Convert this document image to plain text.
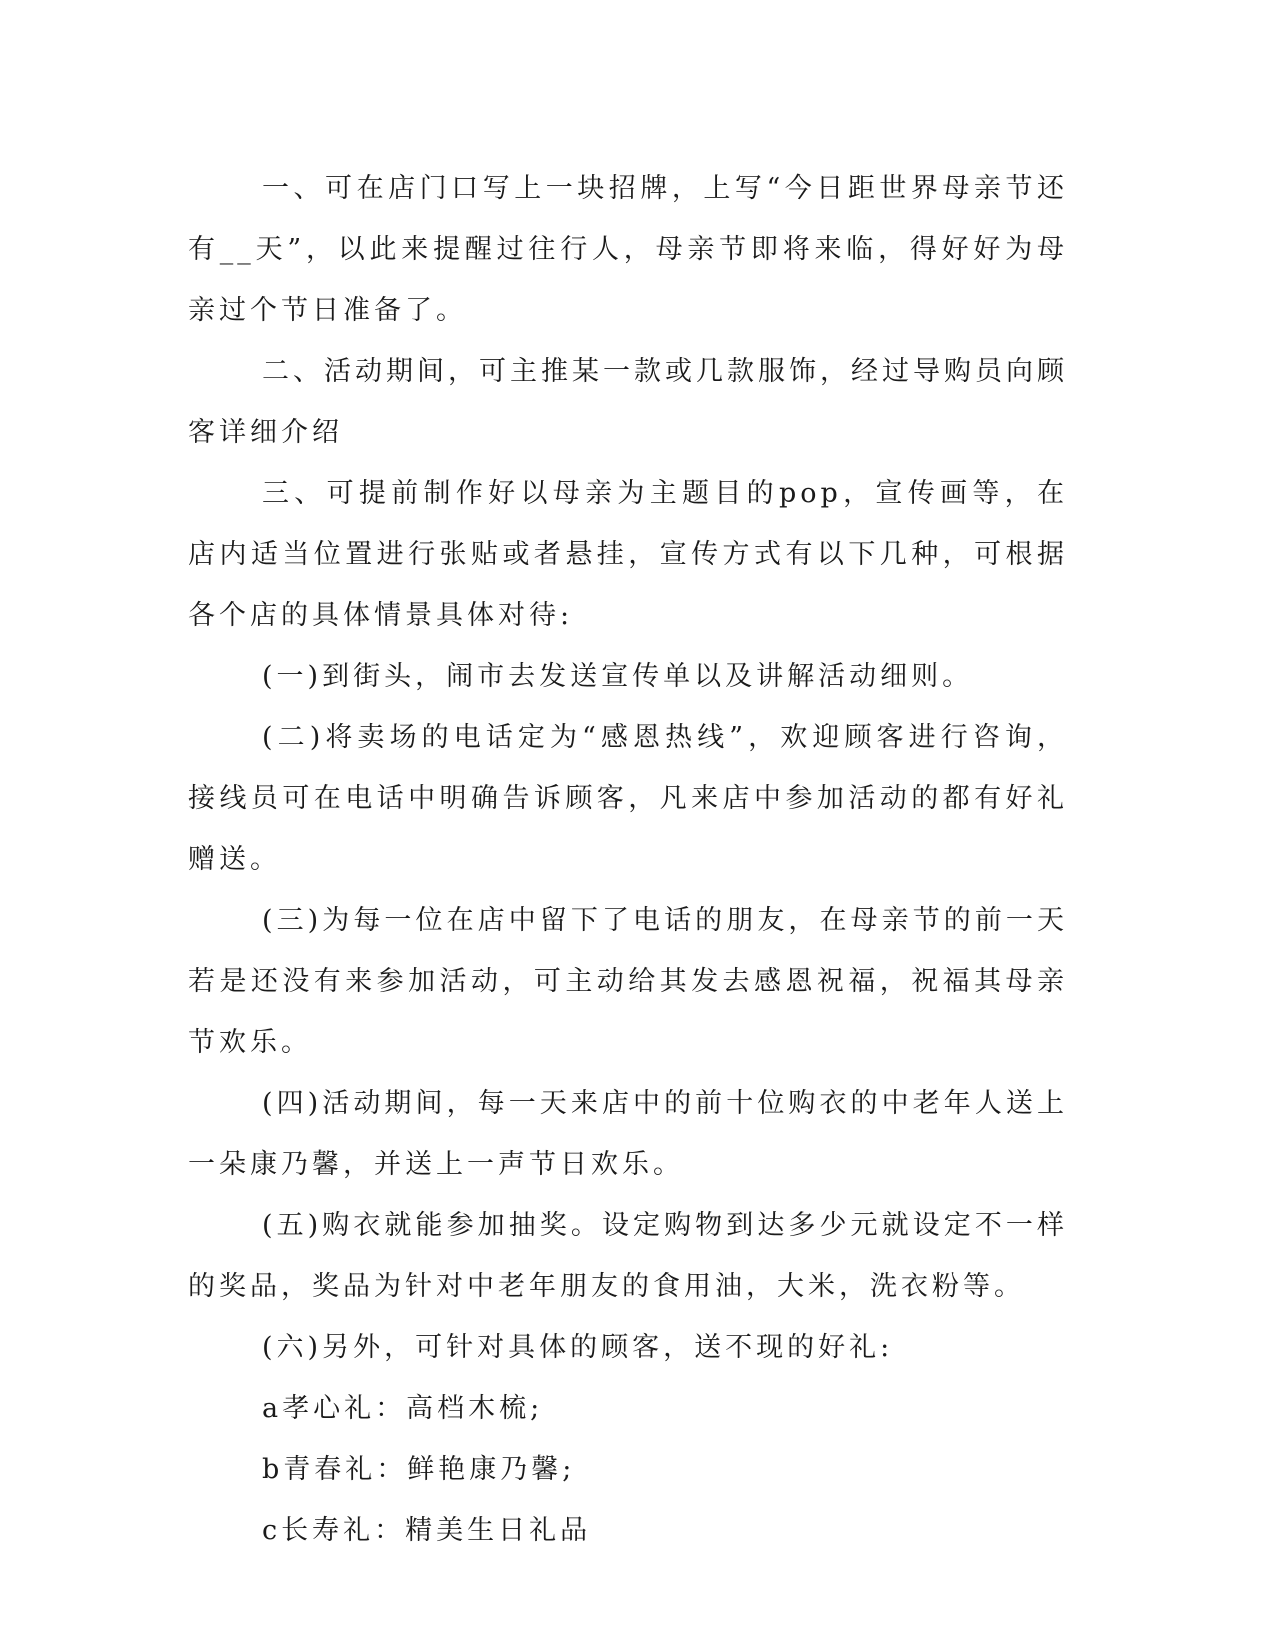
一、可在店门口写上一块招牌，上写“今日距世界母亲节还有__天”，以此来提醒过往行人，母亲节即将来临，得好好为母亲过个节日准备了。

二、活动期间，可主推某一款或几款服饰，经过导购员向顾客详细介绍

三、可提前制作好以母亲为主题目的pop，宣传画等，在店内适当位置进行张贴或者悬挂，宣传方式有以下几种，可根据各个店的具体情景具体对待:

(一)到街头，闹市去发送宣传单以及讲解活动细则。

(二)将卖场的电话定为“感恩热线”，欢迎顾客进行咨询，接线员可在电话中明确告诉顾客，凡来店中参加活动的都有好礼赠送。

(三)为每一位在店中留下了电话的朋友，在母亲节的前一天若是还没有来参加活动，可主动给其发去感恩祝福，祝福其母亲节欢乐。

(四)活动期间，每一天来店中的前十位购衣的中老年人送上一朵康乃馨，并送上一声节日欢乐。

(五)购衣就能参加抽奖。设定购物到达多少元就设定不一样的奖品，奖品为针对中老年朋友的食用油，大米，洗衣粉等。

(六)另外，可针对具体的顾客，送不现的好礼:

a孝心礼：高档木梳;

b青春礼：鲜艳康乃馨;

c长寿礼：精美生日礼品
